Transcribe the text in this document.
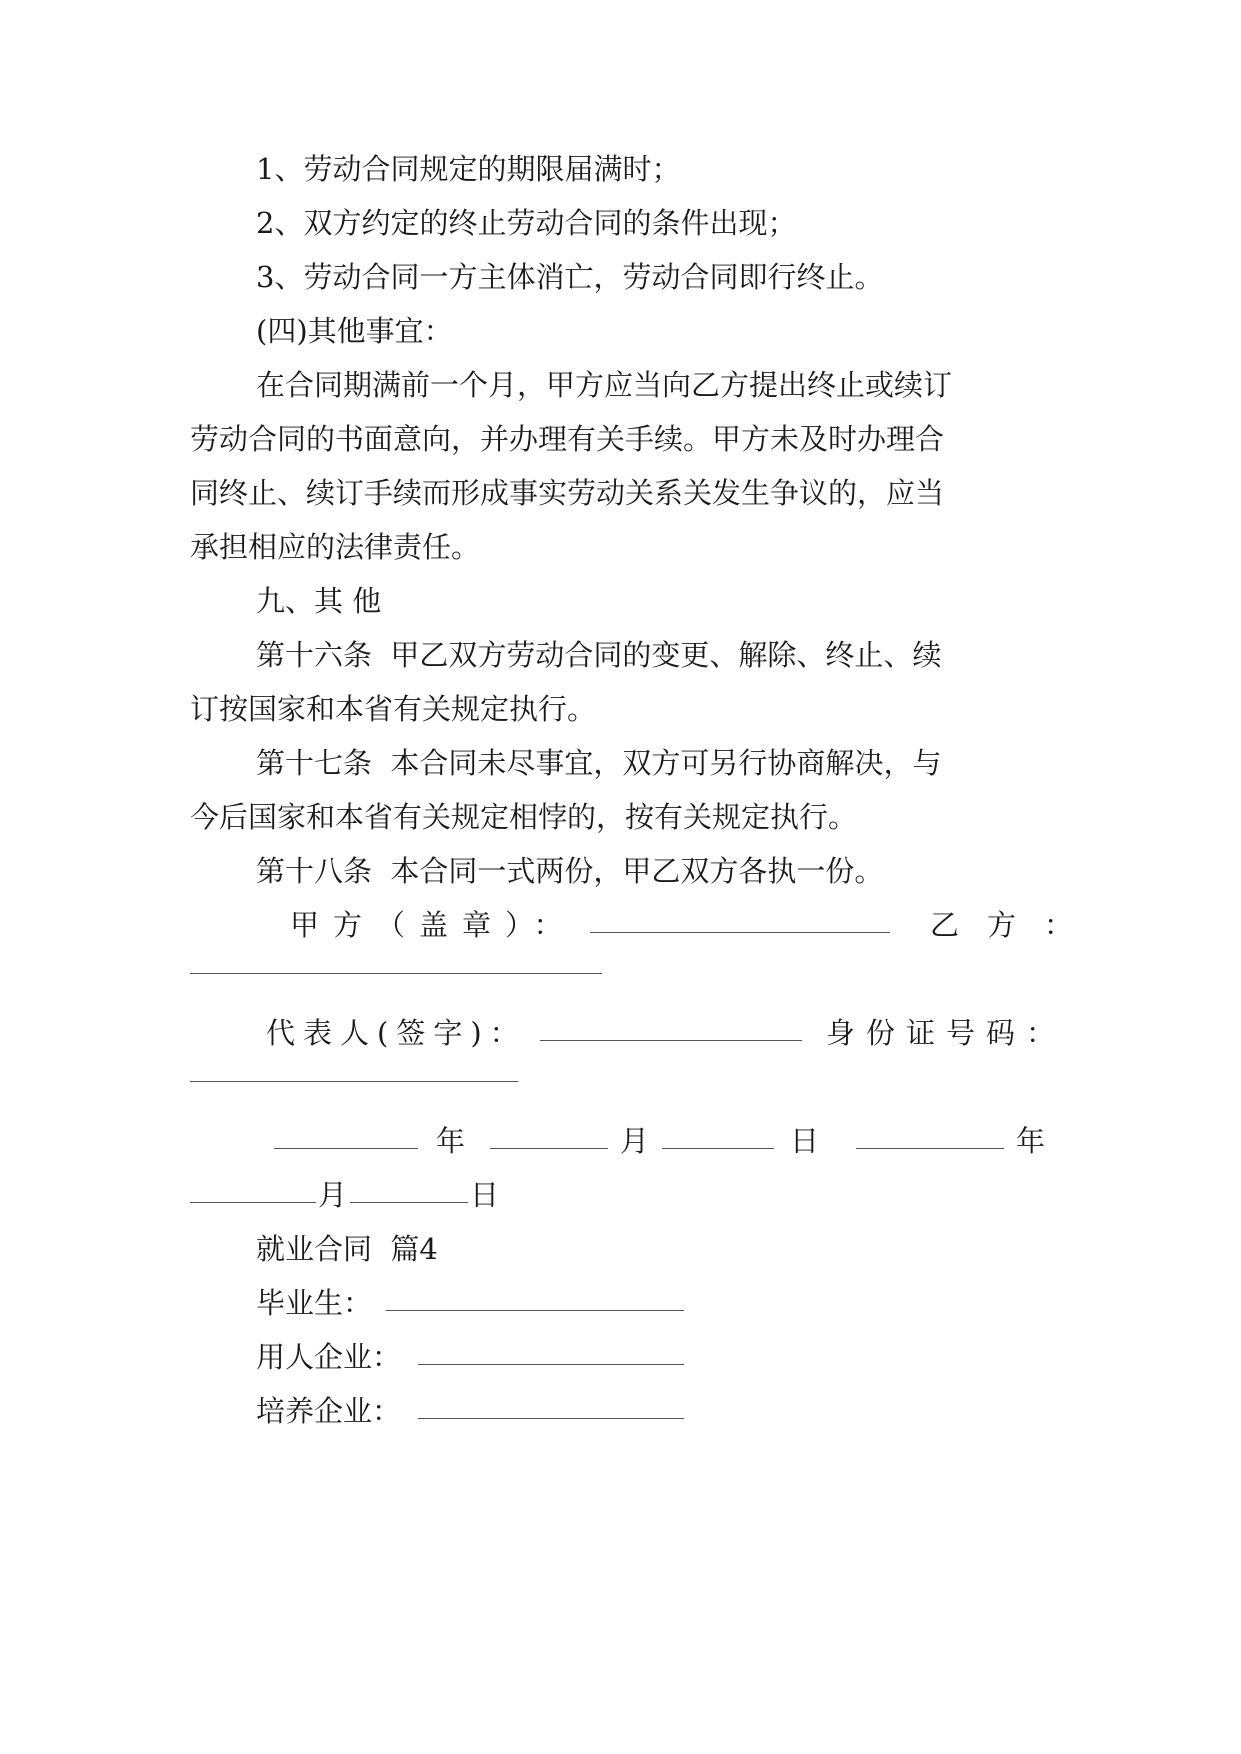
1、劳动合同规定的期限届满时；
2、双方约定的终止劳动合同的条件出现；
3、劳动合同一方主体消亡，劳动合同即行终止。
(四)其他事宜：
在合同期满前一个月，甲方应当向乙方提出终止或续订
劳动合同的书面意向，并办理有关手续。甲方未及时办理合
同终止、续订手续而形成事实劳动关系关发生争议的，应当
承担相应的法律责任。
九、其 他
第十六条  甲乙双方劳动合同的变更、解除、终止、续
订按国家和本省有关规定执行。
第十七条  本合同未尽事宜，双方可另行协商解决，与
今后国家和本省有关规定相悖的，按有关规定执行。
第十八条  本合同一式两份，甲乙双方各执一份。
甲方（盖章）：	乙方：
代表人(签字)：	身份证号码：
年	月	日	年
月	日
就业合同  篇4
毕业生：
用人企业：
培养企业：
